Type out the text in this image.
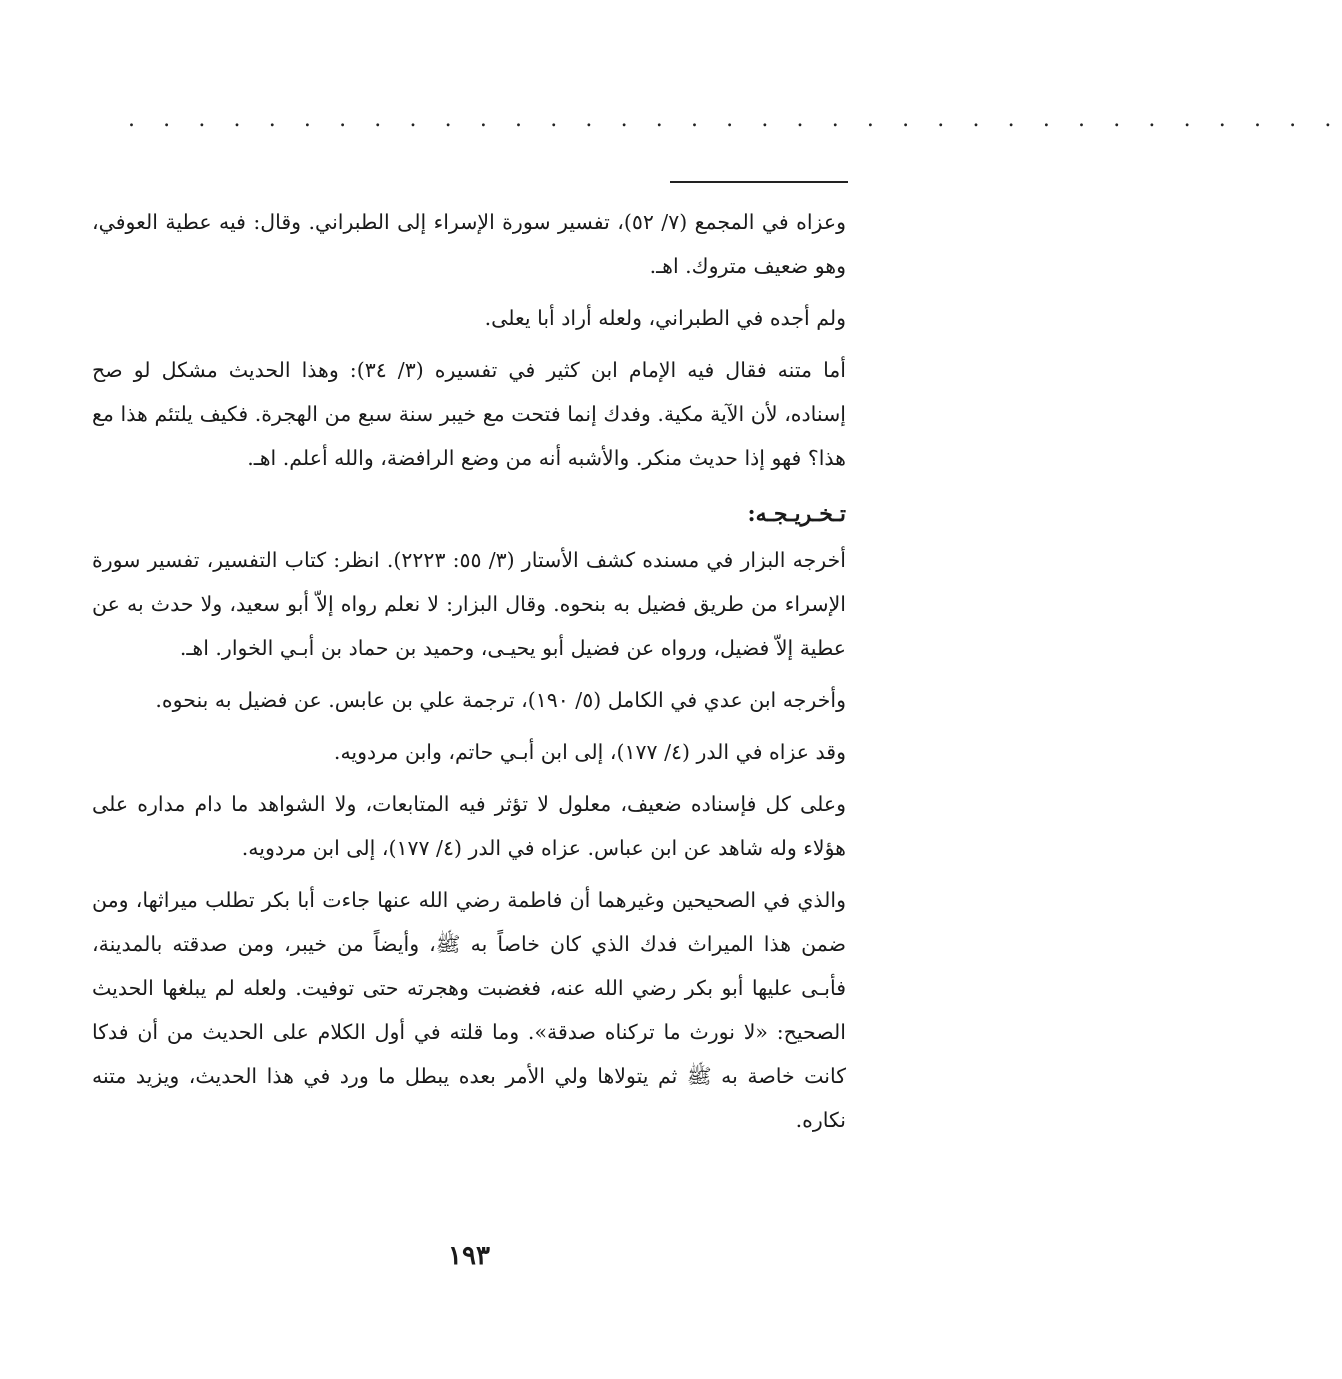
. . . . . . . . . . . . . . . . . . . . . . . . . . . . . . . . . . .

وعزاه في المجمع (٧/ ٥٢)، تفسير سورة الإسراء إلى الطبراني. وقال: فيه عطية العوفي، وهو ضعيف متروك. اهـ.

ولم أجده في الطبراني، ولعله أراد أبا يعلى.

أما متنه فقال فيه الإمام ابن كثير في تفسيره (٣/ ٣٤): وهذا الحديث مشكل لو صح إسناده، لأن الآية مكية. وفدك إنما فتحت مع خيبر سنة سبع من الهجرة. فكيف يلتئم هذا مع هذا؟ فهو إذا حديث منكر. والأشبه أنه من وضع الرافضة، والله أعلم. اهـ.

تـخـريـجـه:

أخرجه البزار في مسنده كشف الأستار (٣/ ٥٥: ٢٢٢٣). انظر: كتاب التفسير، تفسير سورة الإسراء من طريق فضيل به بنحوه. وقال البزار: لا نعلم رواه إلاّ أبو سعيد، ولا حدث به عن عطية إلاّ فضيل، ورواه عن فضيل أبو يحيـى، وحميد بن حماد بن أبـي الخوار. اهـ.

وأخرجه ابن عدي في الكامل (٥/ ١٩٠)، ترجمة علي بن عابس. عن فضيل به بنحوه.

وقد عزاه في الدر (٤/ ١٧٧)، إلى ابن أبـي حاتم، وابن مردويه.

وعلى كل فإسناده ضعيف، معلول لا تؤثر فيه المتابعات، ولا الشواهد ما دام مداره على هؤلاء وله شاهد عن ابن عباس. عزاه في الدر (٤/ ١٧٧)، إلى ابن مردويه.

والذي في الصحيحين وغيرهما أن فاطمة رضي الله عنها جاءت أبا بكر تطلب ميراثها، ومن ضمن هذا الميراث فدك الذي كان خاصاً به ﷺ، وأيضاً من خيبر، ومن صدقته بالمدينة، فأبـى عليها أبو بكر رضي الله عنه، فغضبت وهجرته حتى توفيت. ولعله لم يبلغها الحديث الصحيح: «لا نورث ما تركناه صدقة». وما قلته في أول الكلام على الحديث من أن فدكا كانت خاصة به ﷺ ثم يتولاها ولي الأمر بعده يبطل ما ورد في هذا الحديث، ويزيد متنه نكاره.

١٩٣
